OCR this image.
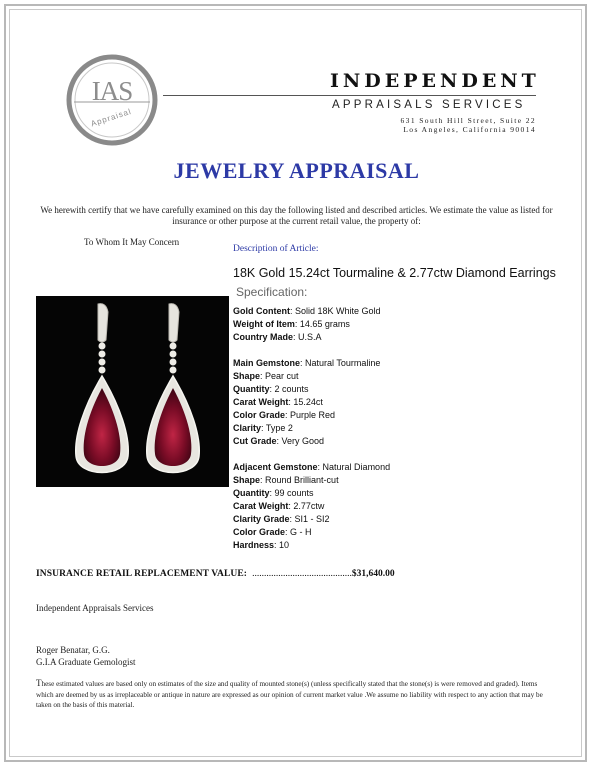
IAS
Appraisal
INDEPENDENT
APPRAISALS SERVICES
631 South Hill Street, Suite 22
Los Angeles, California 90014
JEWELRY APPRAISAL
We herewith certify that we have carefully examined on this day the following listed and described articles. We estimate the value as listed for insurance or other purpose at the current retail value, the property of:
To Whom It May Concern
Description of Article:
18K Gold 15.24ct Tourmaline & 2.77ctw Diamond Earrings
Specification:
Gold Content: Solid 18K White Gold
Weight of Item: 14.65 grams
Country Made: U.S.A
Main Gemstone: Natural Tourmaline
Shape: Pear cut
Quantity: 2 counts
Carat Weight: 15.24ct
Color Grade: Purple Red
Clarity: Type 2
Cut Grade: Very Good
Adjacent Gemstone: Natural Diamond
Shape: Round Brilliant-cut
Quantity: 99 counts
Carat Weight: 2.77ctw
Clarity Grade: SI1 - SI2
Color Grade: G - H
Hardness: 10
INSURANCE RETAIL REPLACEMENT VALUE: ..........................................$31,640.00
Independent Appraisals Services
Roger Benatar, G.G.
G.I.A Graduate Gemologist
These estimated values are based only on estimates of the size and quality of mounted stone(s) (unless specifically stated that the stone(s) is were removed and graded). Items which are deemed by us as irreplaceable or antique in nature are expressed as our opinion of current market value .We assume no liability with respect to any action that may be taken on the basis of this material.
